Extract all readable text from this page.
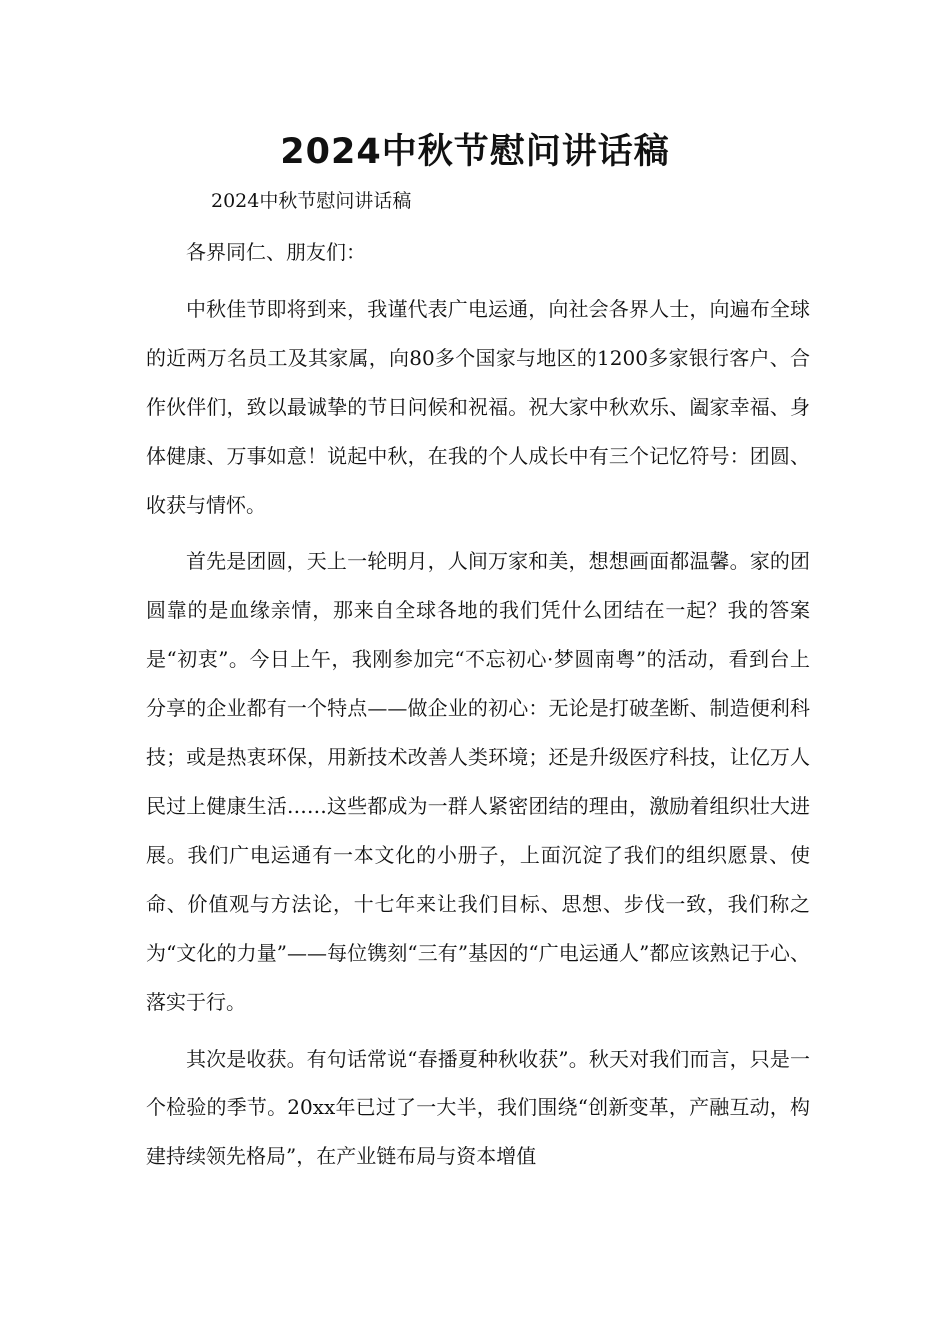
2024中秋节慰问讲话稿
2024中秋节慰问讲话稿

各界同仁、朋友们：

中秋佳节即将到来，我谨代表广电运通，向社会各界人士，向遍布全球的近两万名员工及其家属，向80多个国家与地区的1200多家银行客户、合作伙伴们，致以最诚挚的节日问候和祝福。祝大家中秋欢乐、阖家幸福、身体健康、万事如意！说起中秋，在我的个人成长中有三个记忆符号：团圆、收获与情怀。

首先是团圆，天上一轮明月，人间万家和美，想想画面都温馨。家的团圆靠的是血缘亲情，那来自全球各地的我们凭什么团结在一起？我的答案是“初衷”。今日上午，我刚参加完“不忘初心·梦圆南粤”的活动，看到台上分享的企业都有一个特点——做企业的初心：无论是打破垄断、制造便利科技；或是热衷环保，用新技术改善人类环境；还是升级医疗科技，让亿万人民过上健康生活……这些都成为一群人紧密团结的理由，激励着组织壮大进展。我们广电运通有一本文化的小册子，上面沉淀了我们的组织愿景、使命、价值观与方法论，十七年来让我们目标、思想、步伐一致，我们称之为“文化的力量”——每位镌刻“三有”基因的“广电运通人”都应该熟记于心、落实于行。

其次是收获。有句话常说“春播夏种秋收获”。秋天对我们而言，只是一个检验的季节。20xx年已过了一大半，我们围绕“创新变革，产融互动，构建持续领先格局”，在产业链布局与资本增值
